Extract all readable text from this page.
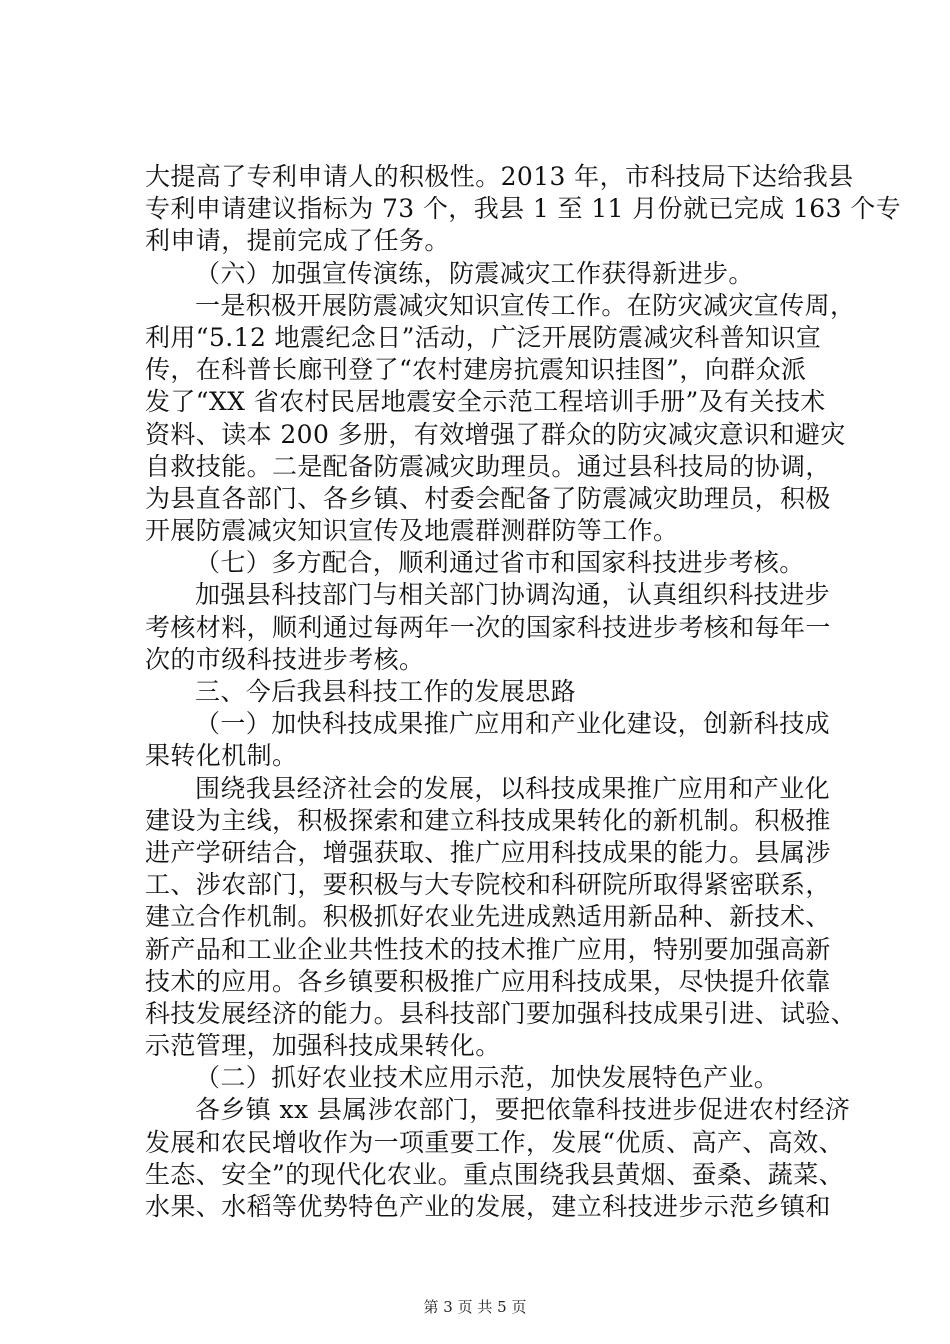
大提高了专利申请人的积极性。2013 年，市科技局下达给我县
专利申请建议指标为 73 个，我县 1 至 11 月份就已完成 163 个专
利申请，提前完成了任务。
（六）加强宣传演练，防震减灾工作获得新进步。
一是积极开展防震减灾知识宣传工作。在防灾减灾宣传周，
利用“5.12 地震纪念日”活动，广泛开展防震减灾科普知识宣
传，在科普长廊刊登了“农村建房抗震知识挂图”，向群众派
发了“XX 省农村民居地震安全示范工程培训手册”及有关技术
资料、读本 200 多册，有效增强了群众的防灾减灾意识和避灾
自救技能。二是配备防震减灾助理员。通过县科技局的协调，
为县直各部门、各乡镇、村委会配备了防震减灾助理员，积极
开展防震减灾知识宣传及地震群测群防等工作。
（七）多方配合，顺利通过省市和国家科技进步考核。
加强县科技部门与相关部门协调沟通，认真组织科技进步
考核材料，顺利通过每两年一次的国家科技进步考核和每年一
次的市级科技进步考核。
三、今后我县科技工作的发展思路
（一）加快科技成果推广应用和产业化建设，创新科技成
果转化机制。
围绕我县经济社会的发展，以科技成果推广应用和产业化
建设为主线，积极探索和建立科技成果转化的新机制。积极推
进产学研结合，增强获取、推广应用科技成果的能力。县属涉
工、涉农部门，要积极与大专院校和科研院所取得紧密联系，
建立合作机制。积极抓好农业先进成熟适用新品种、新技术、
新产品和工业企业共性技术的技术推广应用，特别要加强高新
技术的应用。各乡镇要积极推广应用科技成果，尽快提升依靠
科技发展经济的能力。县科技部门要加强科技成果引进、试验、
示范管理，加强科技成果转化。
（二）抓好农业技术应用示范，加快发展特色产业。
各乡镇 xx 县属涉农部门，要把依靠科技进步促进农村经济
发展和农民增收作为一项重要工作，发展“优质、高产、高效、
生态、安全”的现代化农业。重点围绕我县黄烟、蚕桑、蔬菜、
水果、水稻等优势特色产业的发展，建立科技进步示范乡镇和
第 3 页 共 5 页
